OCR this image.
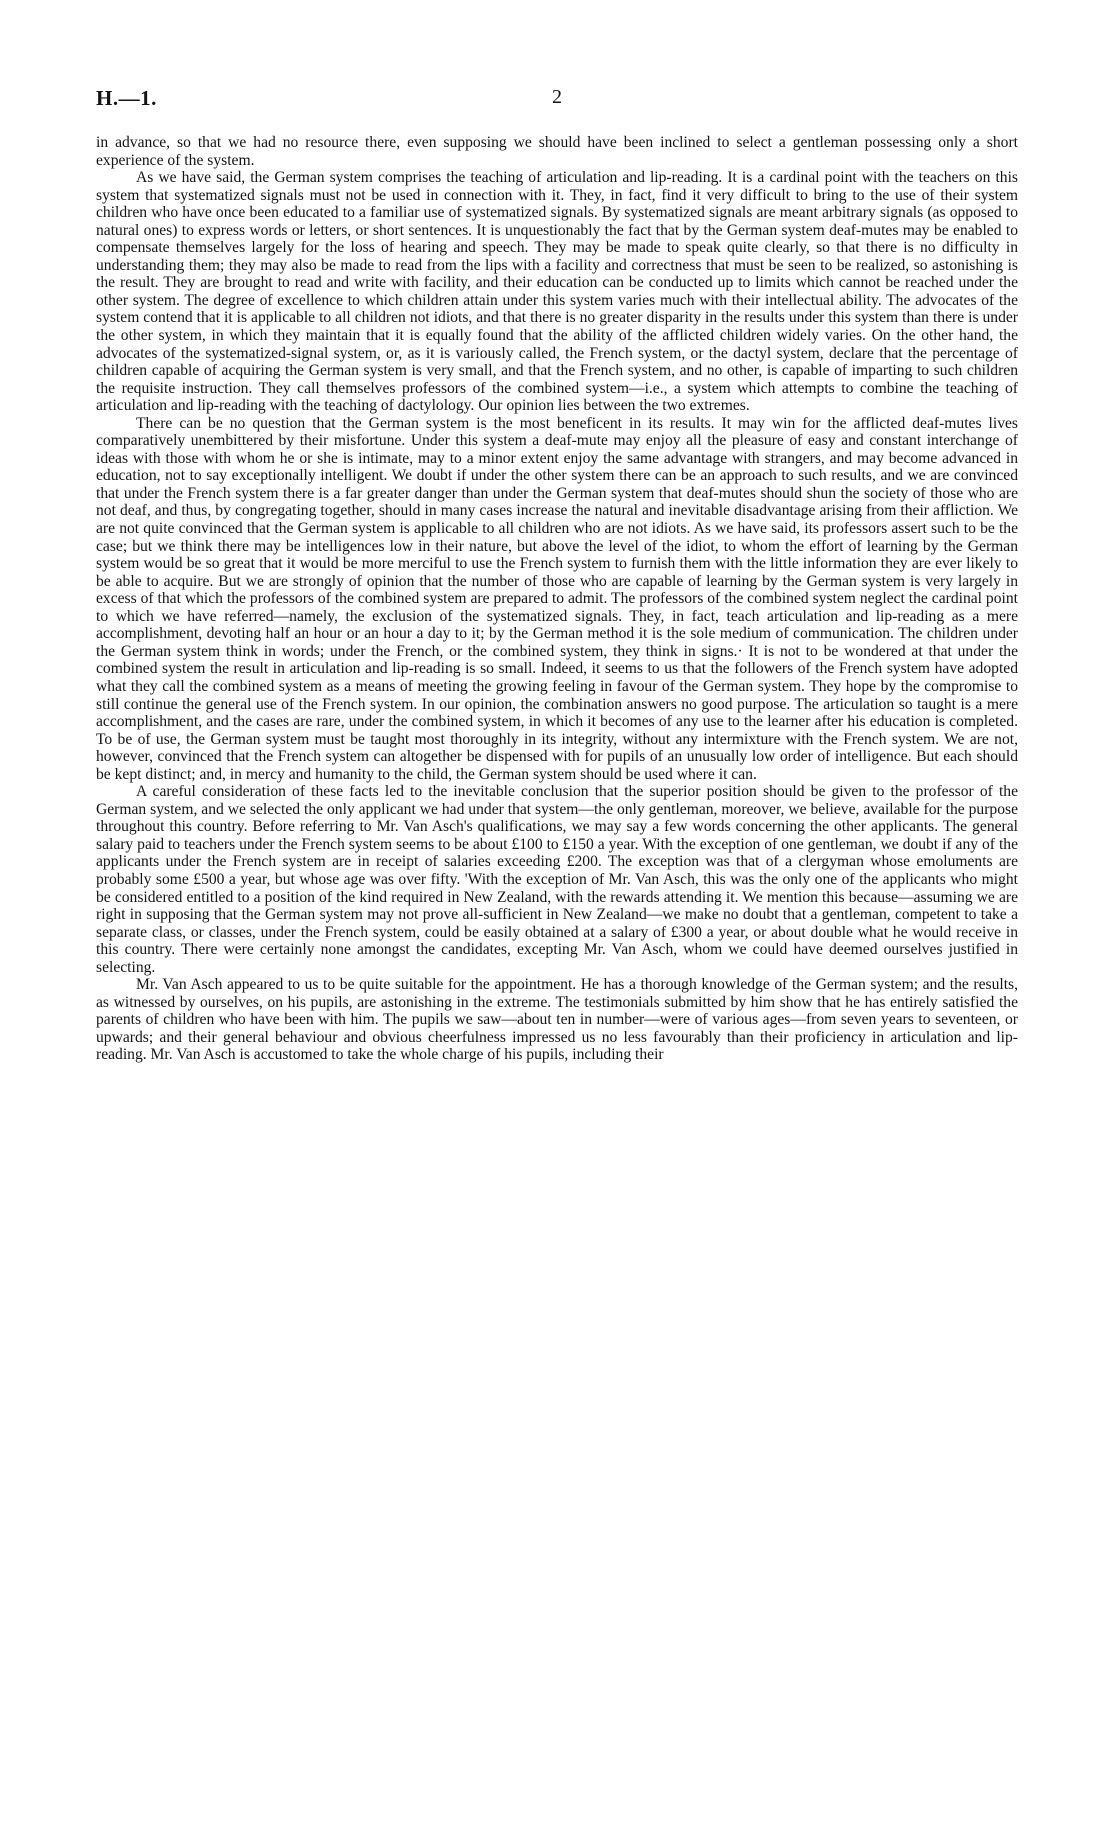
H.—1.	2

in advance, so that we had no resource there, even supposing we should have been inclined to select a gentleman possessing only a short experience of the system.

As we have said, the German system comprises the teaching of articulation and lip-reading. It is a cardinal point with the teachers on this system that systematized signals must not be used in connection with it. They, in fact, find it very difficult to bring to the use of their system children who have once been educated to a familiar use of systematized signals. By systematized signals are meant arbitrary signals (as opposed to natural ones) to express words or letters, or short sentences. It is unquestionably the fact that by the German system deaf-mutes may be enabled to compensate themselves largely for the loss of hearing and speech. They may be made to speak quite clearly, so that there is no difficulty in understanding them; they may also be made to read from the lips with a facility and correctness that must be seen to be realized, so astonishing is the result. They are brought to read and write with facility, and their education can be conducted up to limits which cannot be reached under the other system. The degree of excellence to which children attain under this system varies much with their intellectual ability. The advocates of the system contend that it is applicable to all children not idiots, and that there is no greater disparity in the results under this system than there is under the other system, in which they maintain that it is equally found that the ability of the afflicted children widely varies. On the other hand, the advocates of the systematized-signal system, or, as it is variously called, the French system, or the dactyl system, declare that the percentage of children capable of acquiring the German system is very small, and that the French system, and no other, is capable of imparting to such children the requisite instruction. They call themselves professors of the combined system—i.e., a system which attempts to combine the teaching of articulation and lip-reading with the teaching of dactylology. Our opinion lies between the two extremes.

There can be no question that the German system is the most beneficent in its results. It may win for the afflicted deaf-mutes lives comparatively unembittered by their misfortune. Under this system a deaf-mute may enjoy all the pleasure of easy and constant interchange of ideas with those with whom he or she is intimate, may to a minor extent enjoy the same advantage with strangers, and may become advanced in education, not to say exceptionally intelligent. We doubt if under the other system there can be an approach to such results, and we are convinced that under the French system there is a far greater danger than under the German system that deaf-mutes should shun the society of those who are not deaf, and thus, by congregating together, should in many cases increase the natural and inevitable disadvantage arising from their affliction. We are not quite convinced that the German system is applicable to all children who are not idiots. As we have said, its professors assert such to be the case; but we think there may be intelligences low in their nature, but above the level of the idiot, to whom the effort of learning by the German system would be so great that it would be more merciful to use the French system to furnish them with the little information they are ever likely to be able to acquire. But we are strongly of opinion that the number of those who are capable of learning by the German system is very largely in excess of that which the professors of the combined system are prepared to admit. The professors of the combined system neglect the cardinal point to which we have referred—namely, the exclusion of the systematized signals. They, in fact, teach articulation and lip-reading as a mere accomplishment, devoting half an hour or an hour a day to it; by the German method it is the sole medium of communication. The children under the German system think in words; under the French, or the combined system, they think in signs.· It is not to be wondered at that under the combined system the result in articulation and lip-reading is so small. Indeed, it seems to us that the followers of the French system have adopted what they call the combined system as a means of meeting the growing feeling in favour of the German system. They hope by the compromise to still continue the general use of the French system. In our opinion, the combination answers no good purpose. The articulation so taught is a mere accomplishment, and the cases are rare, under the combined system, in which it becomes of any use to the learner after his education is completed. To be of use, the German system must be taught most thoroughly in its integrity, without any intermixture with the French system. We are not, however, convinced that the French system can altogether be dispensed with for pupils of an unusually low order of intelligence. But each should be kept distinct; and, in mercy and humanity to the child, the German system should be used where it can.

A careful consideration of these facts led to the inevitable conclusion that the superior position should be given to the professor of the German system, and we selected the only applicant we had under that system—the only gentleman, moreover, we believe, available for the purpose throughout this country. Before referring to Mr. Van Asch's qualifications, we may say a few words concerning the other applicants. The general salary paid to teachers under the French system seems to be about £100 to £150 a year. With the exception of one gentleman, we doubt if any of the applicants under the French system are in receipt of salaries exceeding £200. The exception was that of a clergyman whose emoluments are probably some £500 a year, but whose age was over fifty. 'With the exception of Mr. Van Asch, this was the only one of the applicants who might be considered entitled to a position of the kind required in New Zealand, with the rewards attending it. We mention this because—assuming we are right in supposing that the German system may not prove all-sufficient in New Zealand—we make no doubt that a gentleman, competent to take a separate class, or classes, under the French system, could be easily obtained at a salary of £300 a year, or about double what he would receive in this country. There were certainly none amongst the candidates, excepting Mr. Van Asch, whom we could have deemed ourselves justified in selecting.

Mr. Van Asch appeared to us to be quite suitable for the appointment. He has a thorough knowledge of the German system; and the results, as witnessed by ourselves, on his pupils, are astonishing in the extreme. The testimonials submitted by him show that he has entirely satisfied the parents of children who have been with him. The pupils we saw—about ten in number—were of various ages—from seven years to seventeen, or upwards; and their general behaviour and obvious cheerfulness impressed us no less favourably than their proficiency in articulation and lip-reading. Mr. Van Asch is accustomed to take the whole charge of his pupils, including their
